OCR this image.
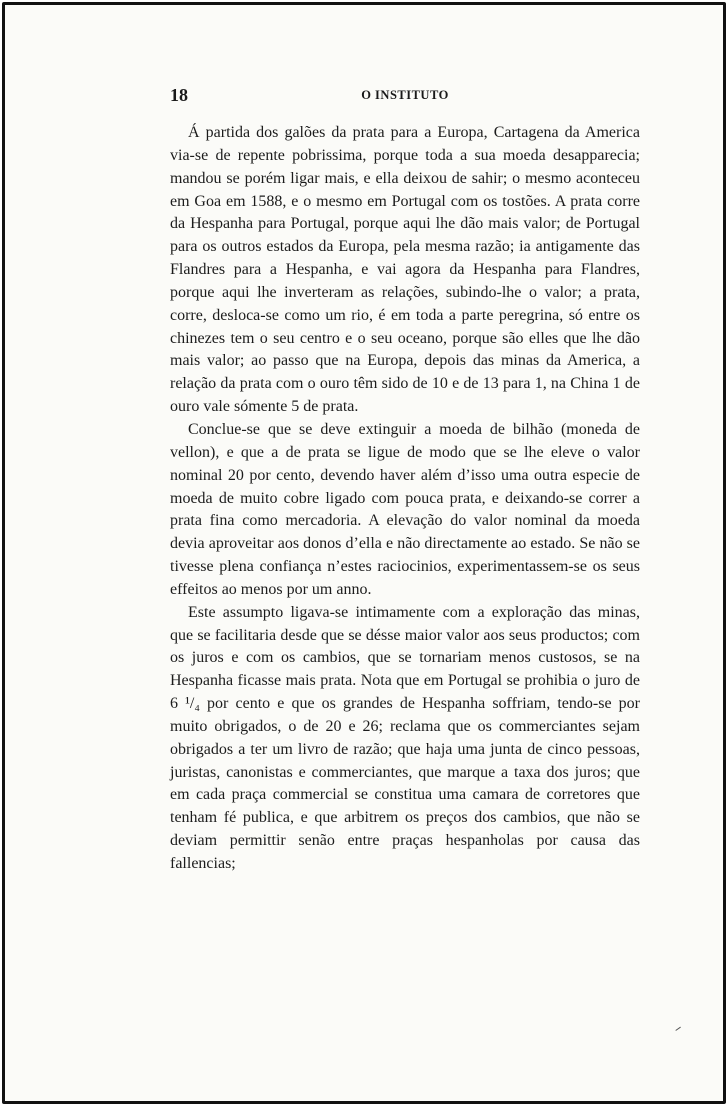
18	O INSTITUTO

Á partida dos galões da prata para a Europa, Cartagena da America via-se de repente pobrissima, porque toda a sua moeda desapparecia; mandou se porém ligar mais, e ella deixou de sahir; o mesmo aconteceu em Goa em 1588, e o mesmo em Portugal com os tostões. A prata corre da Hespanha para Portugal, porque aqui lhe dão mais valor; de Portugal para os outros estados da Europa, pela mesma razão; ia antigamente das Flandres para a Hespanha, e vai agora da Hespanha para Flandres, porque aqui lhe inverteram as relações, subindo-lhe o valor; a prata, corre, desloca-se como um rio, é em toda a parte peregrina, só entre os chinezes tem o seu centro e o seu oceano, porque são elles que lhe dão mais valor; ao passo que na Europa, depois das minas da America, a relação da prata com o ouro têm sido de 10 e de 13 para 1, na China 1 de ouro vale sómente 5 de prata.

Conclue-se que se deve extinguir a moeda de bilhão (moneda de vellon), e que a de prata se ligue de modo que se lhe eleve o valor nominal 20 por cento, devendo haver além d’isso uma outra especie de moeda de muito cobre ligado com pouca prata, e deixando-se correr a prata fina como mercadoria. A elevação do valor nominal da moeda devia aproveitar aos donos d’ella e não directamente ao estado. Se não se tivesse plena confiança n’estes raciocinios, experimentassem-se os seus effeitos ao menos por um anno.

Este assumpto ligava-se intimamente com a exploração das minas, que se facilitaria desde que se désse maior valor aos seus productos; com os juros e com os cambios, que se tornariam menos custosos, se na Hespanha ficasse mais prata. Nota que em Portugal se prohibia o juro de 6 ¹/₄ por cento e que os grandes de Hespanha soffriam, tendo-se por muito obrigados, o de 20 e 26; reclama que os commerciantes sejam obrigados a ter um livro de razão; que haja uma junta de cinco pessoas, juristas, canonistas e commerciantes, que marque a taxa dos juros; que em cada praça commercial se constitua uma camara de corretores que tenham fé publica, e que arbitrem os preços dos cambios, que não se deviam permittir senão entre praças hespanholas por causa das fallencias;
